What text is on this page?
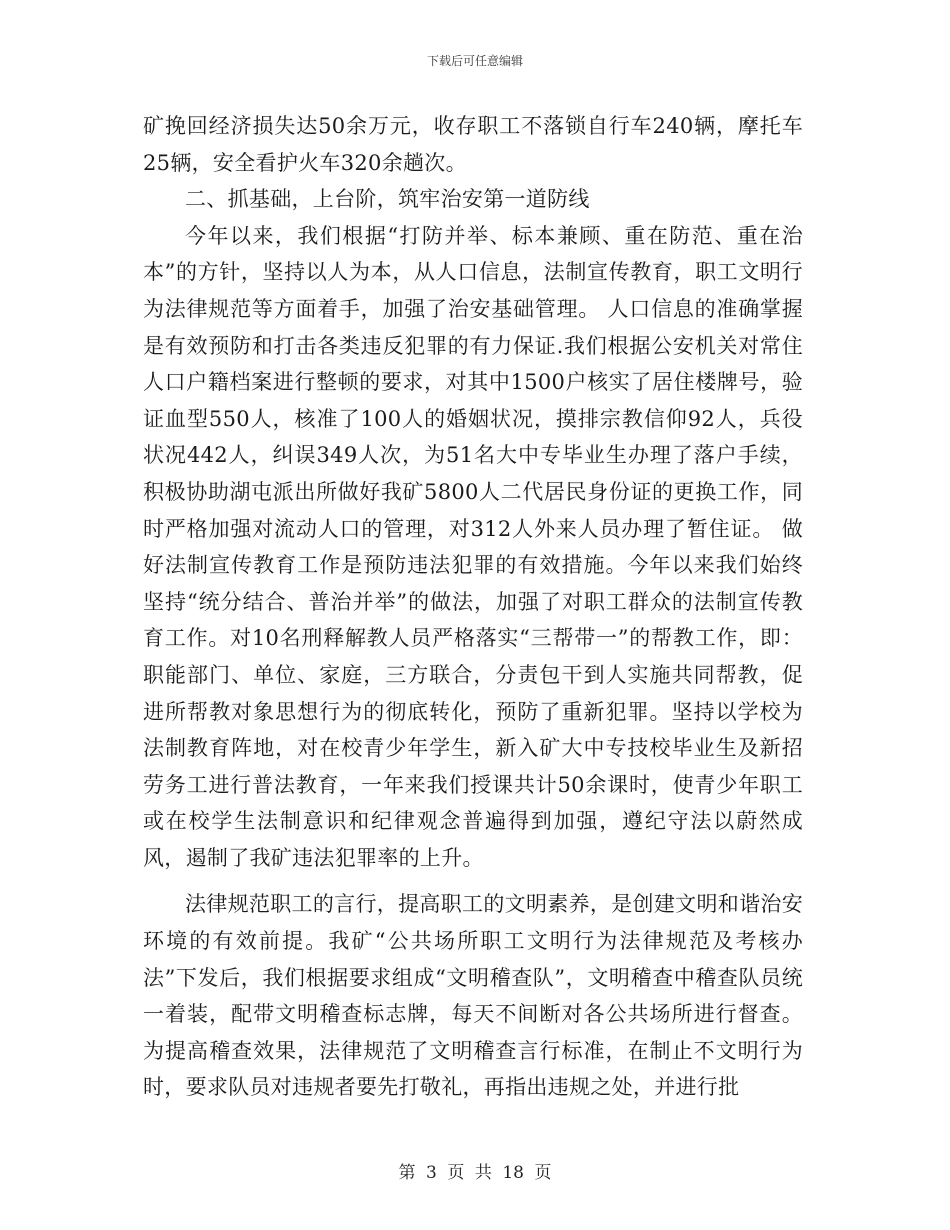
下载后可任意编辑

矿挽回经济损失达50余万元，收存职工不落锁自行车240辆，摩托车25辆，安全看护火车320余趟次。

二、抓基础，上台阶，筑牢治安第一道防线

今年以来，我们根据“打防并举、标本兼顾、重在防范、重在治本”的方针，坚持以人为本，从人口信息，法制宣传教育，职工文明行为法律规范等方面着手，加强了治安基础管理。 人口信息的准确掌握是有效预防和打击各类违反犯罪的有力保证.我们根据公安机关对常住人口户籍档案进行整顿的要求，对其中1500户核实了居住楼牌号，验证血型550人，核准了100人的婚姻状况，摸排宗教信仰92人，兵役状况442人，纠误349人次，为51名大中专毕业生办理了落户手续，积极协助湖屯派出所做好我矿5800人二代居民身份证的更换工作，同时严格加强对流动人口的管理，对312人外来人员办理了暂住证。 做好法制宣传教育工作是预防违法犯罪的有效措施。今年以来我们始终坚持“统分结合、普治并举”的做法，加强了对职工群众的法制宣传教育工作。对10名刑释解教人员严格落实“三帮带一”的帮教工作，即：职能部门、单位、家庭，三方联合，分责包干到人实施共同帮教，促进所帮教对象思想行为的彻底转化，预防了重新犯罪。坚持以学校为法制教育阵地，对在校青少年学生，新入矿大中专技校毕业生及新招劳务工进行普法教育，一年来我们授课共计50余课时，使青少年职工或在校学生法制意识和纪律观念普遍得到加强，遵纪守法以蔚然成风，遏制了我矿违法犯罪率的上升。

法律规范职工的言行，提高职工的文明素养，是创建文明和谐治安环境的有效前提。我矿“公共场所职工文明行为法律规范及考核办法”下发后，我们根据要求组成“文明稽查队”，文明稽查中稽查队员统一着装，配带文明稽查标志牌，每天不间断对各公共场所进行督查。为提高稽查效果，法律规范了文明稽查言行标准，在制止不文明行为时，要求队员对违规者要先打敬礼，再指出违规之处，并进行批

第 3 页 共 18 页
